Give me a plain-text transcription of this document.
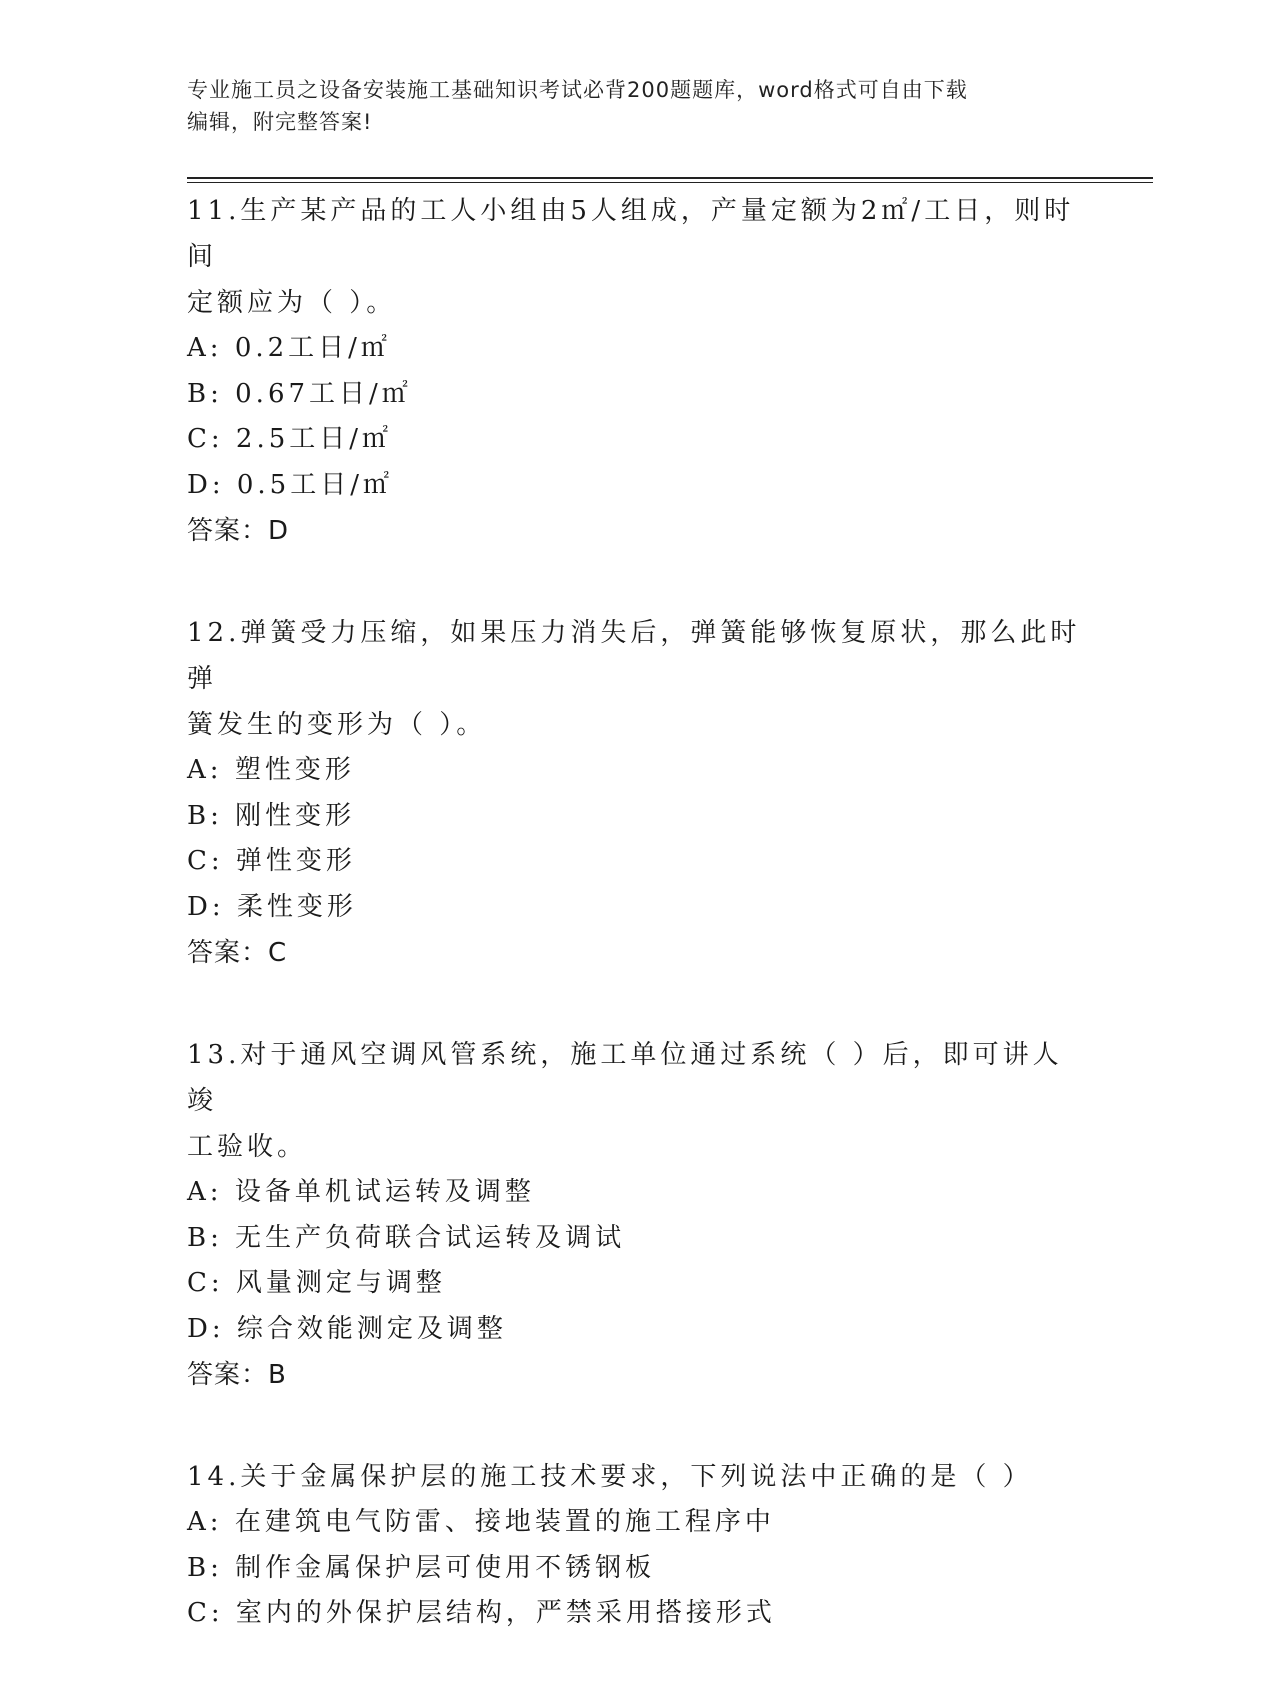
专业施工员之设备安装施工基础知识考试必背200题题库，word格式可自由下载
编辑，附完整答案!
11.生产某产品的工人小组由5人组成，产量定额为2㎡/工日，则时间
定额应为（ ）。
A: 0.2工日/㎡
B: 0.67工日/㎡
C: 2.5工日/㎡
D: 0.5工日/㎡
答案：D
12.弹簧受力压缩，如果压力消失后，弹簧能够恢复原状，那么此时弹
簧发生的变形为（ ）。
A: 塑性变形
B: 刚性变形
C: 弹性变形
D: 柔性变形
答案：C
13.对于通风空调风管系统，施工单位通过系统（ ）后，即可讲人竣
工验收。
A: 设备单机试运转及调整
B: 无生产负荷联合试运转及调试
C: 风量测定与调整
D: 综合效能测定及调整
答案：B
14.关于金属保护层的施工技术要求，下列说法中正确的是（ ）
A: 在建筑电气防雷、接地装置的施工程序中
B: 制作金属保护层可使用不锈钢板
C: 室内的外保护层结构，严禁采用搭接形式
